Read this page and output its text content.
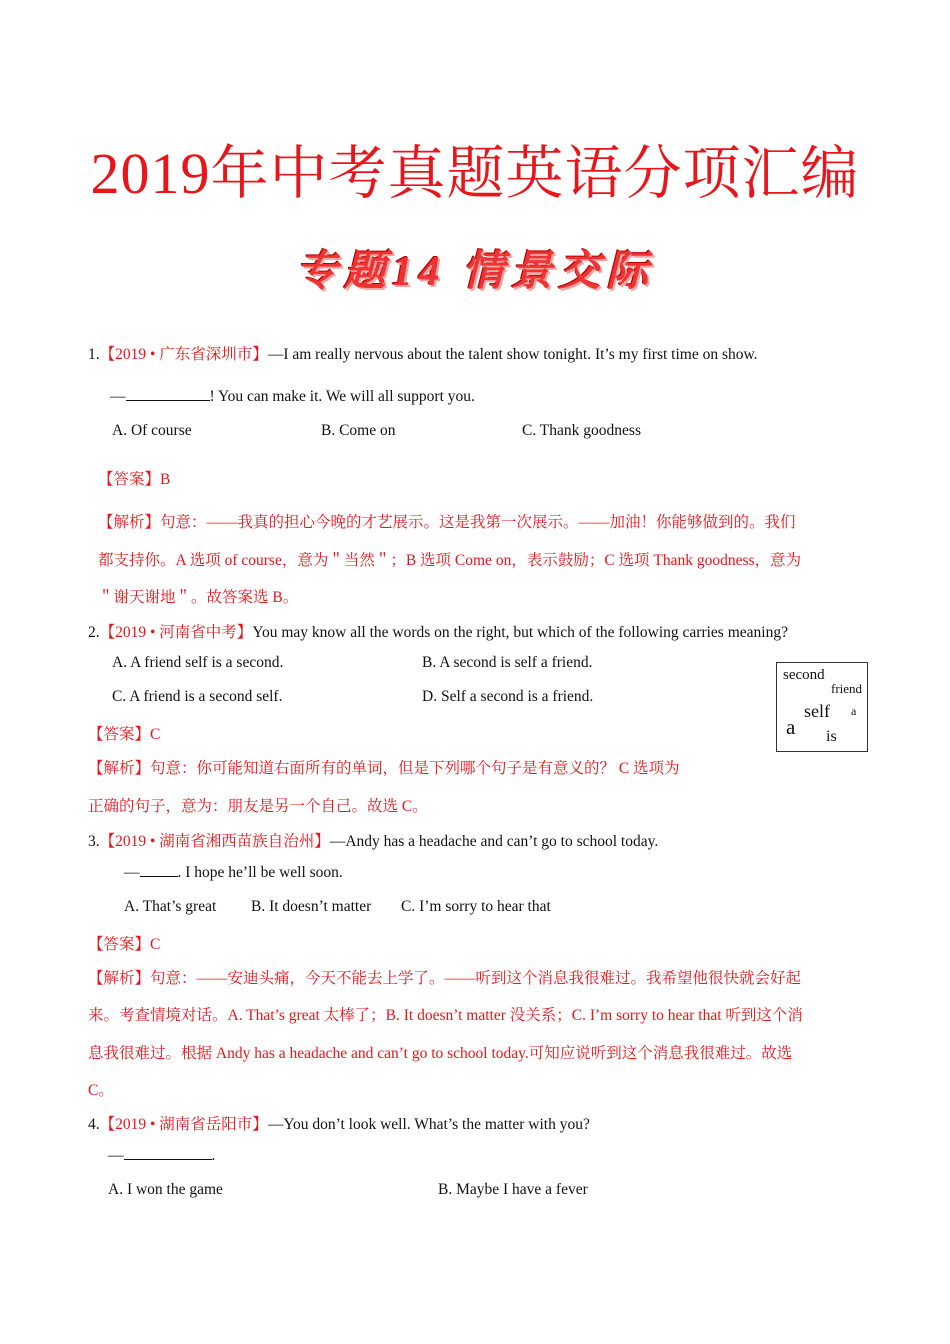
2019年中考真题英语分项汇编
专题14 情景交际
1.【2019 • 广东省深圳市】—I am really nervous about the talent show tonight. It’s my first time on show.
—	! You can make it. We will all support you.
A. Of course	B. Come on	C. Thank goodness
【答案】B
【解析】句意：——我真的担心今晚的才艺展示。这是我第一次展示。——加油！你能够做到的。我们
都支持你。A 选项 of course，意为＂当然＂；B 选项 Come on，表示鼓励；C 选项 Thank goodness，意为
＂谢天谢地＂。故答案选 B。
2.【2019 • 河南省中考】You may know all the words on the right, but which of the following carries meaning?
A. A friend self is a second.	B. A second is self a friend.
C. A friend is a second self.	D. Self a second is a friend.
second
friend
self a
a is
【答案】C
【解析】句意：你可能知道右面所有的单词，但是下列哪个句子是有意义的？ C 选项为
正确的句子，意为：朋友是另一个自己。故选 C。
3.【2019 • 湖南省湘西苗族自治州】—Andy has a headache and can’t go to school today.
— . I hope he’ll be well soon.
A. That’s great B. It doesn’t matter C. I’m sorry to hear that
【答案】C
【解析】句意：——安迪头痛，今天不能去上学了。——听到这个消息我很难过。我希望他很快就会好起
来。考查情境对话。A. That’s great 太棒了；B. It doesn’t matter 没关系；C. I’m sorry to hear that 听到这个消
息我很难过。根据 Andy has a headache and can’t go to school today.可知应说听到这个消息我很难过。故选
C。
4.【2019 • 湖南省岳阳市】—You don’t look well. What’s the matter with you?
—	.
A. I won the game	B. Maybe I have a fever
